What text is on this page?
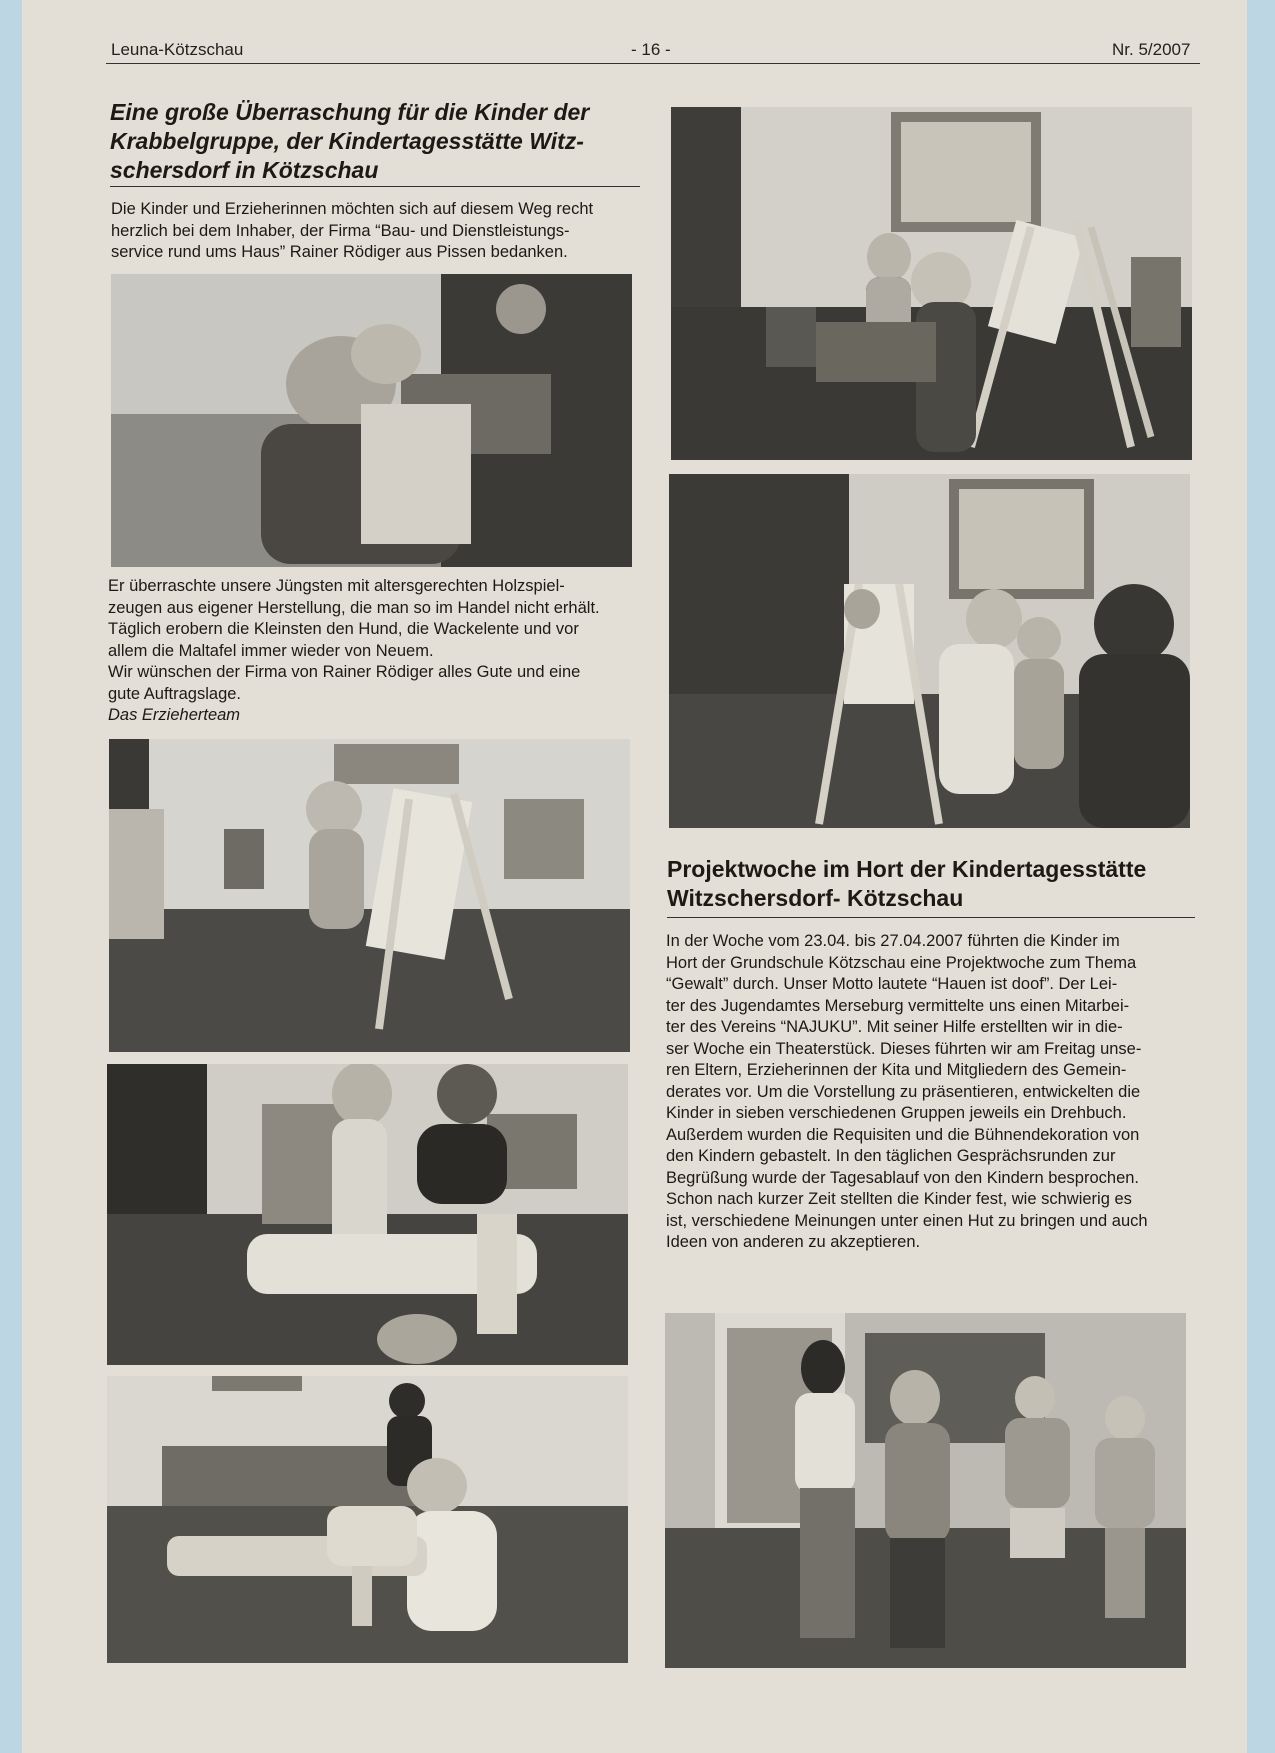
Leuna-Kötzschau	- 16 -	Nr. 5/2007

Eine große Überraschung für die Kinder der

Krabbelgruppe, der Kindertagesstätte Witz-

schersdorf in Kötzschau

Die Kinder und Erzieherinnen möchten sich auf diesem Weg recht

herzlich bei dem Inhaber, der Firma “Bau- und Dienstleistungs-

service rund ums Haus” Rainer Rödiger aus Pissen bedanken.

Er überraschte unsere Jüngsten mit altersgerechten Holzspiel-

zeugen aus eigener Herstellung, die man so im Handel nicht erhält.

Täglich erobern die Kleinsten den Hund, die Wackelente und vor

allem die Maltafel immer wieder von Neuem.

Wir wünschen der Firma von Rainer Rödiger alles Gute und eine

gute Auftragslage.

Das Erzieherteam

Projektwoche im Hort der Kindertagesstätte

Witzschersdorf- Kötzschau

In der Woche vom 23.04. bis 27.04.2007 führten die Kinder im

Hort der Grundschule Kötzschau eine Projektwoche zum Thema

“Gewalt” durch. Unser Motto lautete “Hauen ist doof”. Der Lei-

ter des Jugendamtes Merseburg vermittelte uns einen Mitarbei-

ter des Vereins “NAJUKU”. Mit seiner Hilfe erstellten wir in die-

ser Woche ein Theaterstück. Dieses führten wir am Freitag unse-

ren Eltern, Erzieherinnen der Kita und Mitgliedern des Gemein-

derates vor. Um die Vorstellung zu präsentieren, entwickelten die

Kinder in sieben verschiedenen Gruppen jeweils ein Drehbuch.

Außerdem wurden die Requisiten und die Bühnendekoration von

den Kindern gebastelt. In den täglichen Gesprächsrunden zur

Begrüßung wurde der Tagesablauf von den Kindern besprochen.

Schon nach kurzer Zeit stellten die Kinder fest, wie schwierig es

ist, verschiedene Meinungen unter einen Hut zu bringen und auch

Ideen von anderen zu akzeptieren.
